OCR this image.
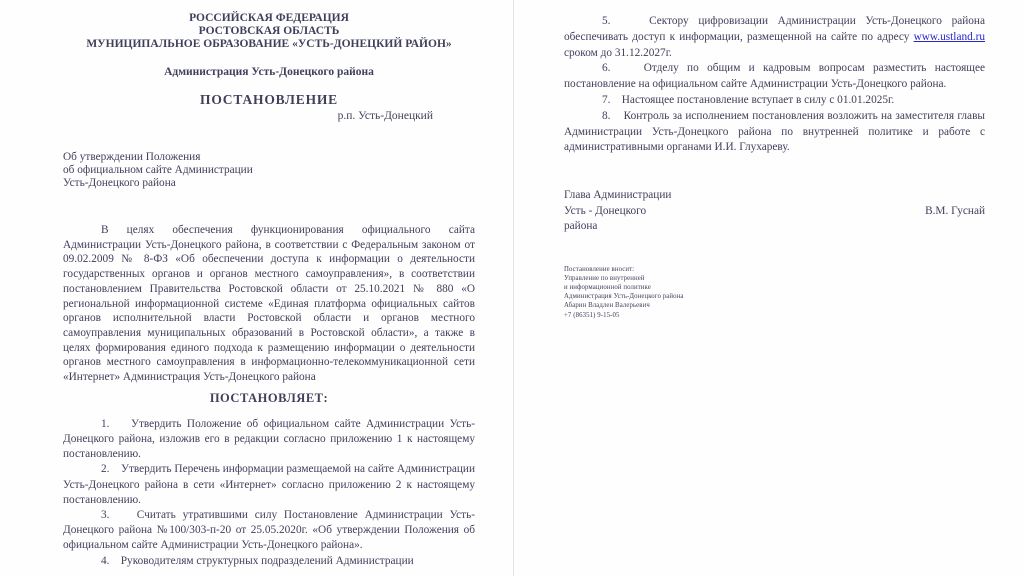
РОССИЙСКАЯ ФЕДЕРАЦИЯ
РОСТОВСКАЯ ОБЛАСТЬ
МУНИЦИПАЛЬНОЕ ОБРАЗОВАНИЕ «УСТЬ-ДОНЕЦКИЙ РАЙОН»
Администрация Усть-Донецкого района
ПОСТАНОВЛЕНИЕ
р.п. Усть-Донецкий
Об утверждении Положения
об официальном сайте Администрации
Усть-Донецкого района

В целях обеспечения функционирования официального сайта Администрации Усть-Донецкого района, в соответствии с Федеральным законом от 09.02.2009 № 8-ФЗ «Об обеспечении доступа к информации о деятельности государственных органов и органов местного самоуправления», в соответствии постановлением Правительства Ростовской области от 25.10.2021 № 880 «О региональной информационной системе «Единая платформа официальных сайтов органов исполнительной власти Ростовской области и органов местного самоуправления муниципальных образований в Ростовской области», а также в целях формирования единого подхода к размещению информации о деятельности органов местного самоуправления в информационно-телекоммуникационной сети «Интернет» Администрация Усть-Донецкого района

ПОСТАНОВЛЯЕТ:

1.    Утвердить Положение об официальном сайте Администрации Усть-Донецкого района, изложив его в редакции согласно приложению 1 к настоящему постановлению.

2.    Утвердить Перечень информации размещаемой на сайте Администрации Усть-Донецкого района в сети «Интернет» согласно приложению 2 к настоящему постановлению.

3.    Считать утратившими силу Постановление Администрации Усть-Донецкого района №100/303-п-20 от 25.05.2020г. «Об утверждении Положения об официальном сайте Администрации Усть-Донецкого района».

4.    Руководителям структурных подразделений Администрации

5.    Сектору цифровизации Администрации Усть-Донецкого района обеспечивать доступ к информации, размещенной на сайте по адресу www.ustland.ru сроком до 31.12.2027г.

6.    Отделу по общим и кадровым вопросам разместить настоящее постановление на официальном сайте Администрации Усть-Донецкого района.

7.    Настоящее постановление вступает в силу с 01.01.2025г.

8.    Контроль за исполнением постановления возложить на заместителя главы Администрации Усть-Донецкого района по внутренней политике и работе с административными органами И.И. Глухареву.

Глава Администрации
Усть - Донецкого
района
В.М. Гуснай
Постановление вносит:
Управление по внутренней
и информационной политике
Администрация Усть-Донецкого района
Абарин Владлен Валерьевич
+7 (86351) 9-15-05
